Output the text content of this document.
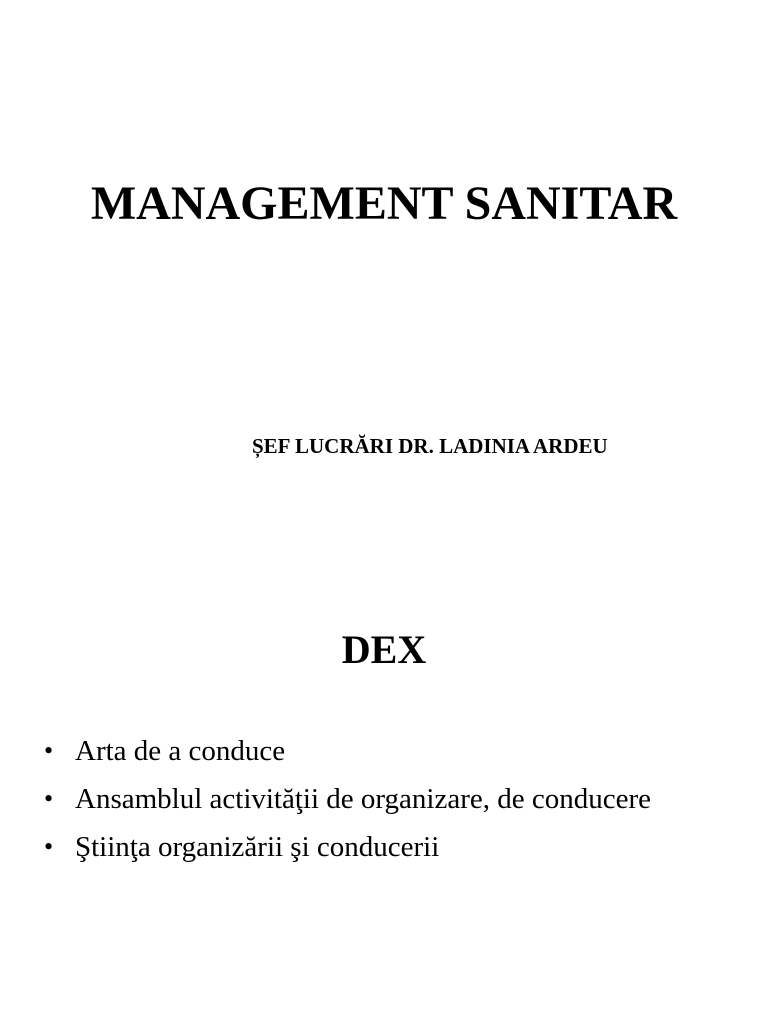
MANAGEMENT SANITAR

ȘEF LUCRĂRI DR. LADINIA ARDEU

DEX
• Arta de a conduce
• Ansamblul activităţii de organizare, de conducere
• Ştiinţa organizării şi conducerii
